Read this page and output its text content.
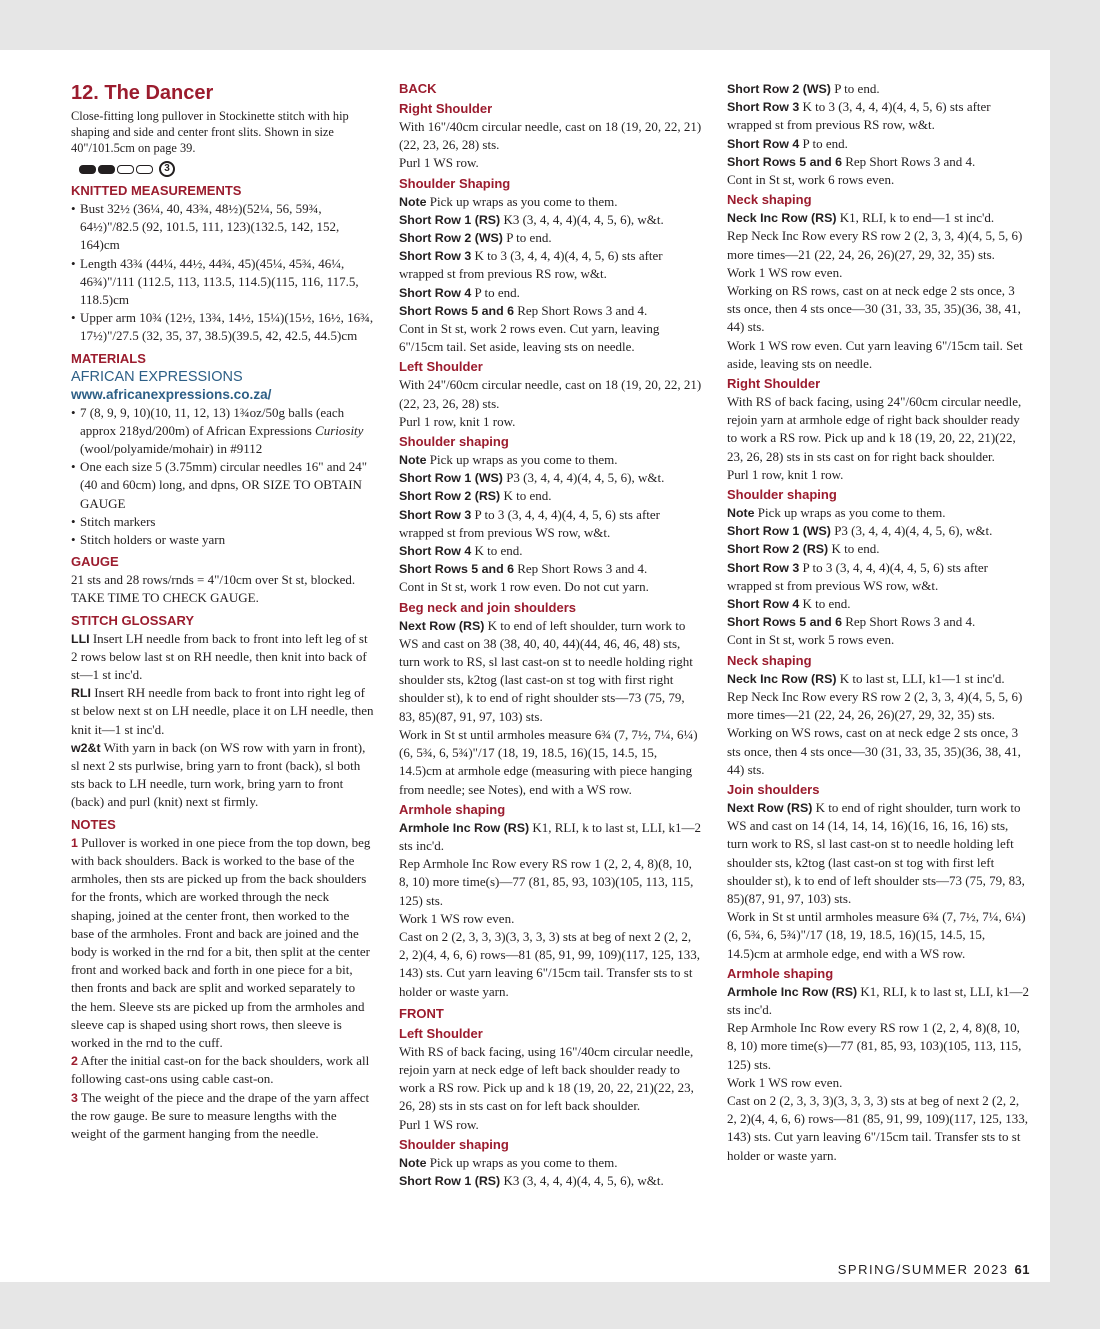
12. The Dancer

Close-fitting long pullover in Stockinette stitch with hip shaping and side and center front slits. Shown in size 40"/101.5cm on page 39.

3
KNITTED MEASUREMENTS
• Bust 32½ (36¼, 40, 43¾, 48½)(52¼, 56, 59¾, 64½)"/82.5 (92, 101.5, 111, 123)(132.5, 142, 152, 164)cm
• Length 43¾ (44¼, 44½, 44¾, 45)(45¼, 45¾, 46¼, 46¾)"/111 (112.5, 113, 113.5, 114.5)(115, 116, 117.5, 118.5)cm
• Upper arm 10¾ (12½, 13¾, 14½, 15¼)(15½, 16½, 16¾, 17½)"/27.5 (32, 35, 37, 38.5)(39.5, 42, 42.5, 44.5)cm
MATERIALS
AFRICAN EXPRESSIONS
www.africanexpressions.co.za/
• 7 (8, 9, 9, 10)(10, 11, 12, 13) 1¾oz/50g balls (each approx 218yd/200m) of African Expressions Curiosity (wool/polyamide/mohair) in #9112
• One each size 5 (3.75mm) circular needles 16" and 24" (40 and 60cm) long, and dpns, OR SIZE TO OBTAIN GAUGE
• Stitch markers
• Stitch holders or waste yarn
GAUGE

21 sts and 28 rows/rnds = 4"/10cm over St st, blocked.

TAKE TIME TO CHECK GAUGE.

STITCH GLOSSARY

LLI Insert LH needle from back to front into left leg of st 2 rows below last st on RH needle, then knit into back of st—1 st inc'd.

RLI Insert RH needle from back to front into right leg of st below next st on LH needle, place it on LH needle, then knit it—1 st inc'd.

w2&t With yarn in back (on WS row with yarn in front), sl next 2 sts purlwise, bring yarn to front (back), sl both sts back to LH needle, turn work, bring yarn to front (back) and purl (knit) next st firmly.

NOTES

1 Pullover is worked in one piece from the top down, beg with back shoulders. Back is worked to the base of the armholes, then sts are picked up from the back shoulders for the fronts, which are worked through the neck shaping, joined at the center front, then worked to the base of the armholes. Front and back are joined and the body is worked in the rnd for a bit, then split at the center front and worked back and forth in one piece for a bit, then fronts and back are split and worked separately to the hem. Sleeve sts are picked up from the armholes and sleeve cap is shaped using short rows, then sleeve is worked in the rnd to the cuff.

2 After the initial cast-on for the back shoulders, work all following cast-ons using cable cast-on.

3 The weight of the piece and the drape of the yarn affect the row gauge. Be sure to measure lengths with the weight of the garment hanging from the needle.

BACK
Right Shoulder

With 16"/40cm circular needle, cast on 18 (19, 20, 22, 21)(22, 23, 26, 28) sts.

Purl 1 WS row.

Shoulder Shaping

Note Pick up wraps as you come to them.

Short Row 1 (RS) K3 (3, 4, 4, 4)(4, 4, 5, 6), w&t.

Short Row 2 (WS) P to end.

Short Row 3 K to 3 (3, 4, 4, 4)(4, 4, 5, 6) sts after wrapped st from previous RS row, w&t.

Short Row 4 P to end.

Short Rows 5 and 6 Rep Short Rows 3 and 4.

Cont in St st, work 2 rows even. Cut yarn, leaving 6"/15cm tail. Set aside, leaving sts on needle.

Left Shoulder

With 24"/60cm circular needle, cast on 18 (19, 20, 22, 21)(22, 23, 26, 28) sts.

Purl 1 row, knit 1 row.

Shoulder shaping

Note Pick up wraps as you come to them.

Short Row 1 (WS) P3 (3, 4, 4, 4)(4, 4, 5, 6), w&t.

Short Row 2 (RS) K to end.

Short Row 3 P to 3 (3, 4, 4, 4)(4, 4, 5, 6) sts after wrapped st from previous WS row, w&t.

Short Row 4 K to end.

Short Rows 5 and 6 Rep Short Rows 3 and 4.

Cont in St st, work 1 row even. Do not cut yarn.

Beg neck and join shoulders

Next Row (RS) K to end of left shoulder, turn work to WS and cast on 38 (38, 40, 40, 44)(44, 46, 46, 48) sts, turn work to RS, sl last cast-on st to needle holding right shoulder sts, k2tog (last cast-on st tog with first right shoulder st), k to end of right shoulder sts—73 (75, 79, 83, 85)(87, 91, 97, 103) sts.

Work in St st until armholes measure 6¾ (7, 7½, 7¼, 6¼)(6, 5¾, 6, 5¾)"/17 (18, 19, 18.5, 16)(15, 14.5, 15, 14.5)cm at armhole edge (measuring with piece hanging from needle; see Notes), end with a WS row.

Armhole shaping

Armhole Inc Row (RS) K1, RLI, k to last st, LLI, k1—2 sts inc'd.

Rep Armhole Inc Row every RS row 1 (2, 2, 4, 8)(8, 10, 8, 10) more time(s)—77 (81, 85, 93, 103)(105, 113, 115, 125) sts.

Work 1 WS row even.

Cast on 2 (2, 3, 3, 3)(3, 3, 3, 3) sts at beg of next 2 (2, 2, 2, 2)(4, 4, 6, 6) rows—81 (85, 91, 99, 109)(117, 125, 133, 143) sts. Cut yarn leaving 6"/15cm tail. Transfer sts to st holder or waste yarn.

FRONT
Left Shoulder

With RS of back facing, using 16"/40cm circular needle, rejoin yarn at neck edge of left back shoulder ready to work a RS row. Pick up and k 18 (19, 20, 22, 21)(22, 23, 26, 28) sts in sts cast on for left back shoulder.

Purl 1 WS row.

Shoulder shaping

Note Pick up wraps as you come to them.

Short Row 1 (RS) K3 (3, 4, 4, 4)(4, 4, 5, 6), w&t.

Short Row 2 (WS) P to end.

Short Row 3 K to 3 (3, 4, 4, 4)(4, 4, 5, 6) sts after wrapped st from previous RS row, w&t.

Short Row 4 P to end.

Short Rows 5 and 6 Rep Short Rows 3 and 4.

Cont in St st, work 6 rows even.

Neck shaping

Neck Inc Row (RS) K1, RLI, k to end—1 st inc'd.

Rep Neck Inc Row every RS row 2 (2, 3, 3, 4)(4, 5, 5, 6) more times—21 (22, 24, 26, 26)(27, 29, 32, 35) sts.

Work 1 WS row even.

Working on RS rows, cast on at neck edge 2 sts once, 3 sts once, then 4 sts once—30 (31, 33, 35, 35)(36, 38, 41, 44) sts.

Work 1 WS row even. Cut yarn leaving 6"/15cm tail. Set aside, leaving sts on needle.

Right Shoulder

With RS of back facing, using 24"/60cm circular needle, rejoin yarn at armhole edge of right back shoulder ready to work a RS row. Pick up and k 18 (19, 20, 22, 21)(22, 23, 26, 28) sts in sts cast on for right back shoulder.

Purl 1 row, knit 1 row.

Shoulder shaping

Note Pick up wraps as you come to them.

Short Row 1 (WS) P3 (3, 4, 4, 4)(4, 4, 5, 6), w&t.

Short Row 2 (RS) K to end.

Short Row 3 P to 3 (3, 4, 4, 4)(4, 4, 5, 6) sts after wrapped st from previous WS row, w&t.

Short Row 4 K to end.

Short Rows 5 and 6 Rep Short Rows 3 and 4.

Cont in St st, work 5 rows even.

Neck shaping

Neck Inc Row (RS) K to last st, LLI, k1—1 st inc'd.

Rep Neck Inc Row every RS row 2 (2, 3, 3, 4)(4, 5, 5, 6) more times—21 (22, 24, 26, 26)(27, 29, 32, 35) sts.

Working on WS rows, cast on at neck edge 2 sts once, 3 sts once, then 4 sts once—30 (31, 33, 35, 35)(36, 38, 41, 44) sts.

Join shoulders

Next Row (RS) K to end of right shoulder, turn work to WS and cast on 14 (14, 14, 14, 16)(16, 16, 16, 16) sts, turn work to RS, sl last cast-on st to needle holding left shoulder sts, k2tog (last cast-on st tog with first left shoulder st), k to end of left shoulder sts—73 (75, 79, 83, 85)(87, 91, 97, 103) sts.

Work in St st until armholes measure 6¾ (7, 7½, 7¼, 6¼)(6, 5¾, 6, 5¾)"/17 (18, 19, 18.5, 16)(15, 14.5, 15, 14.5)cm at armhole edge, end with a WS row.

Armhole shaping

Armhole Inc Row (RS) K1, RLI, k to last st, LLI, k1—2 sts inc'd.

Rep Armhole Inc Row every RS row 1 (2, 2, 4, 8)(8, 10, 8, 10) more time(s)—77 (81, 85, 93, 103)(105, 113, 115, 125) sts.

Work 1 WS row even.

Cast on 2 (2, 3, 3, 3)(3, 3, 3, 3) sts at beg of next 2 (2, 2, 2, 2)(4, 4, 6, 6) rows—81 (85, 91, 99, 109)(117, 125, 133, 143) sts. Cut yarn leaving 6"/15cm tail. Transfer sts to st holder or waste yarn.

SPRING/SUMMER 2023 61
